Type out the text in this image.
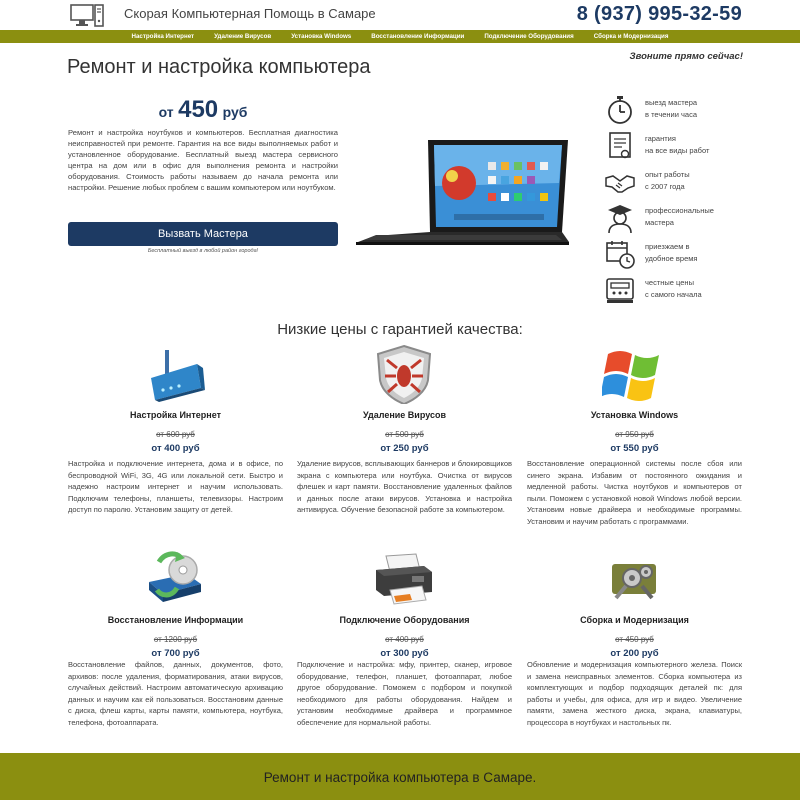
Скорая Компьютерная Помощь в Самаре	8 (937) 995-32-59
Настройка Интернет	Удаление Вирусов	Установка Windows	Восстановление Информации	Подключение Оборудования	Сборка и Модернизация
Ремонт и настройка компьютера	Звоните прямо сейчас!
от 450 руб
Ремонт и настройка ноутбуков и компьютеров. Бесплатная диагностика неисправностей при ремонте. Гарантия на все виды выполняемых работ и установленное оборудование. Бесплатный выезд мастера сервисного центра на дом или в офис для выполнения ремонта и настройки оборудования. Стоимость работы называем до начала ремонта или настройки. Решение любых проблем с вашим компьютером или ноутбуком.
Вызвать Мастера
Бесплатный выезд в любой район города!
выезд мастера
в течении часа
гарантия
на все виды работ
опыт работы
с 2007 года
профессиональные
мастера
приезжаем в
удобное время
честные цены
с самого начала
Низкие цены с гарантией качества:
Настройка Интернет
от 600 руб
от 400 руб
Настройка и подключение интернета, дома и в офисе, по беспроводной WiFi, 3G, 4G или локальной сети. Быстро и надежно настроим интернет и научим использовать. Подключим телефоны, планшеты, телевизоры. Настроим доступ по паролю. Установим защиту от детей.
Удаление Вирусов
от 500 руб
от 250 руб
Удаление вирусов, всплывающих баннеров и блокировщиков экрана с компьютера или ноутбука. Очистка от вирусов флешек и карт памяти. Восстановление удаленных файлов и данных после атаки вирусов. Установка и настройка антивируса. Обучение безопасной работе за компьютером.
Установка Windows
от 950 руб
от 550 руб
Восстановление операционной системы после сбоя или синего экрана. Избавим от постоянного ожидания и медленной работы. Чистка ноутбуков и компьютеров от пыли. Поможем с установкой новой Windows любой версии. Установим новые драйвера и необходимые программы. Установим и научим работать с программами.
Восстановление Информации
от 1200 руб
от 700 руб
Восстановление файлов, данных, документов, фото, архивов: после удаления, форматирования, атаки вирусов, случайных действий. Настроим автоматическую архивацию данных и научим как ей пользоваться. Восстановим данные с диска, флеш карты, карты памяти, компьютера, ноутбука, телефона, фотоаппарата.
Подключение Оборудования
от 400 руб
от 300 руб
Подключение и настройка: мфу, принтер, сканер, игровое оборудование, телефон, планшет, фотоаппарат, любое другое оборудование. Поможем с подбором и покупкой необходимого для работы оборудования. Найдем и установим необходимые драйвера и программное обеспечение для нормальной работы.
Сборка и Модернизация
от 450 руб
от 200 руб
Обновление и модернизация компьютерного железа. Поиск и замена неисправных элементов. Сборка компьютера из комплектующих и подбор подходящих деталей пк: для работы и учебы, для офиса, для игр и видео. Увеличение памяти, замена жесткого диска, экрана, клавиатуры, процессора в ноутбуках и настольных пк.
Ремонт и настройка компьютера в Самаре.
